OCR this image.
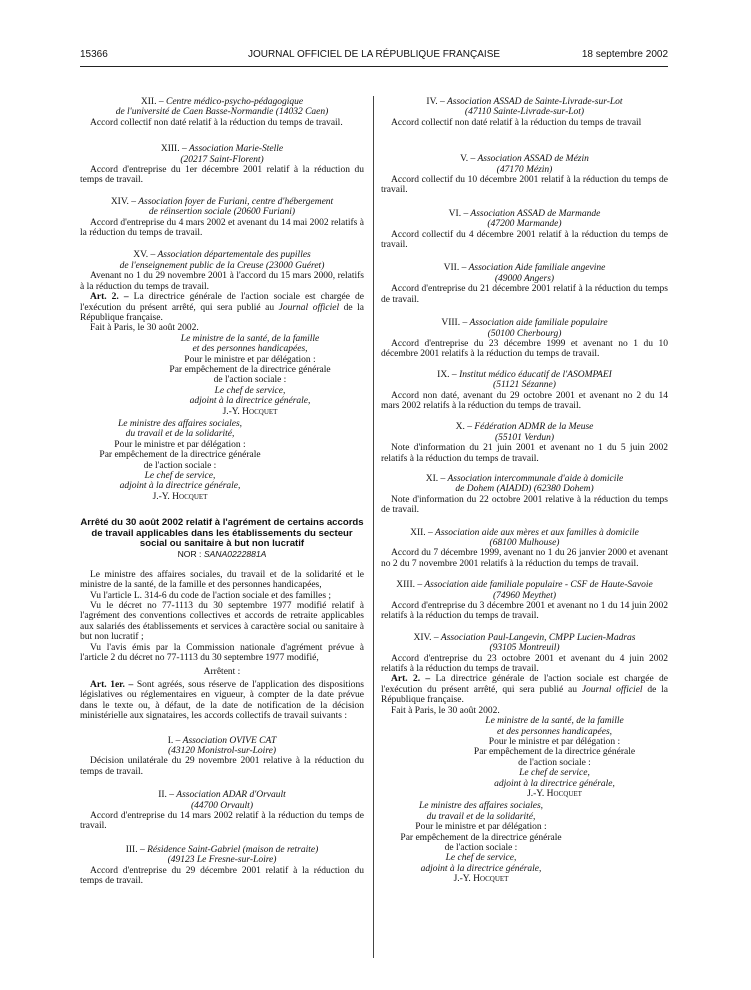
15366	JOURNAL OFFICIEL DE LA RÉPUBLIQUE FRANÇAISE	18 septembre 2002

XII. – Centre médico-psycho-pédagogique

de l'université de Caen Basse-Normandie (14032 Caen)

Accord collectif non daté relatif à la réduction du temps de travail.

XIII. – Association Marie-Stelle

(20217 Saint-Florent)

Accord d'entreprise du 1er décembre 2001 relatif à la réduction du temps de travail.

XIV. – Association foyer de Furiani, centre d'hébergement

de réinsertion sociale (20600 Furiani)

Accord d'entreprise du 4 mars 2002 et avenant du 14 mai 2002 relatifs à la réduction du temps de travail.

XV. – Association départementale des pupilles

de l'enseignement public de la Creuse (23000 Guéret)

Avenant no 1 du 29 novembre 2001 à l'accord du 15 mars 2000, relatifs à la réduction du temps de travail.

Art. 2. – La directrice générale de l'action sociale est chargée de l'exécution du présent arrêté, qui sera publié au Journal officiel de la République française.

Fait à Paris, le 30 août 2002.

Le ministre de la santé, de la famille

et des personnes handicapées,

Pour le ministre et par délégation :

Par empêchement de la directrice générale

de l'action sociale :

Le chef de service,

adjoint à la directrice générale,

J.-Y. Hocquet

Le ministre des affaires sociales,

du travail et de la solidarité,

Pour le ministre et par délégation :

Par empêchement de la directrice générale

de l'action sociale :

Le chef de service,

adjoint à la directrice générale,

J.-Y. Hocquet

Arrêté du 30 août 2002 relatif à l'agrément de certains accords de travail applicables dans les établissements du secteur social ou sanitaire à but non lucratif

NOR : SANA0222881A

Le ministre des affaires sociales, du travail et de la solidarité et le ministre de la santé, de la famille et des personnes handicapées,

Vu l'article L. 314-6 du code de l'action sociale et des familles ;

Vu le décret no 77-1113 du 30 septembre 1977 modifié relatif à l'agrément des conventions collectives et accords de retraite applicables aux salariés des établissements et services à caractère social ou sanitaire à but non lucratif ;

Vu l'avis émis par la Commission nationale d'agrément prévue à l'article 2 du décret no 77-1113 du 30 septembre 1977 modifié,

Arrêtent :

Art. 1er. – Sont agréés, sous réserve de l'application des dispositions législatives ou réglementaires en vigueur, à compter de la date prévue dans le texte ou, à défaut, de la date de notification de la décision ministérielle aux signataires, les accords collectifs de travail suivants :

I. – Association OVIVE CAT

(43120 Monistrol-sur-Loire)

Décision unilatérale du 29 novembre 2001 relative à la réduction du temps de travail.

II. – Association ADAR d'Orvault

(44700 Orvault)

Accord d'entreprise du 14 mars 2002 relatif à la réduction du temps de travail.

III. – Résidence Saint-Gabriel (maison de retraite)

(49123 Le Fresne-sur-Loire)

Accord d'entreprise du 29 décembre 2001 relatif à la réduction du temps de travail.

IV. – Association ASSAD de Sainte-Livrade-sur-Lot

(47110 Sainte-Livrade-sur-Lot)

Accord collectif non daté relatif à la réduction du temps de travail

V. – Association ASSAD de Mézin

(47170 Mézin)

Accord collectif du 10 décembre 2001 relatif à la réduction du temps de travail.

VI. – Association ASSAD de Marmande

(47200 Marmande)

Accord collectif du 4 décembre 2001 relatif à la réduction du temps de travail.

VII. – Association Aide familiale angevine

(49000 Angers)

Accord d'entreprise du 21 décembre 2001 relatif à la réduction du temps de travail.

VIII. – Association aide familiale populaire

(50100 Cherbourg)

Accord d'entreprise du 23 décembre 1999 et avenant no 1 du 10 décembre 2001 relatifs à la réduction du temps de travail.

IX. – Institut médico éducatif de l'ASOMPAEI

(51121 Sézanne)

Accord non daté, avenant du 29 octobre 2001 et avenant no 2 du 14 mars 2002 relatifs à la réduction du temps de travail.

X. – Fédération ADMR de la Meuse

(55101 Verdun)

Note d'information du 21 juin 2001 et avenant no 1 du 5 juin 2002 relatifs à la réduction du temps de travail.

XI. – Association intercommunale d'aide à domicile

de Dohem (AIADD) (62380 Dohem)

Note d'information du 22 octobre 2001 relative à la réduction du temps de travail.

XII. – Association aide aux mères et aux familles à domicile

(68100 Mulhouse)

Accord du 7 décembre 1999, avenant no 1 du 26 janvier 2000 et avenant no 2 du 7 novembre 2001 relatifs à la réduction du temps de travail.

XIII. – Association aide familiale populaire - CSF de Haute-Savoie

(74960 Meythet)

Accord d'entreprise du 3 décembre 2001 et avenant no 1 du 14 juin 2002 relatifs à la réduction du temps de travail.

XIV. – Association Paul-Langevin, CMPP Lucien-Madras

(93105 Montreuil)

Accord d'entreprise du 23 octobre 2001 et avenant du 4 juin 2002 relatifs à la réduction du temps de travail.

Art. 2. – La directrice générale de l'action sociale est chargée de l'exécution du présent arrêté, qui sera publié au Journal officiel de la République française.

Fait à Paris, le 30 août 2002.

Le ministre de la santé, de la famille

et des personnes handicapées,

Pour le ministre et par délégation :

Par empêchement de la directrice générale

de l'action sociale :

Le chef de service,

adjoint à la directrice générale,

J.-Y. Hocquet

Le ministre des affaires sociales,

du travail et de la solidarité,

Pour le ministre et par délégation :

Par empêchement de la directrice générale

de l'action sociale :

Le chef de service,

adjoint à la directrice générale,

J.-Y. Hocquet
